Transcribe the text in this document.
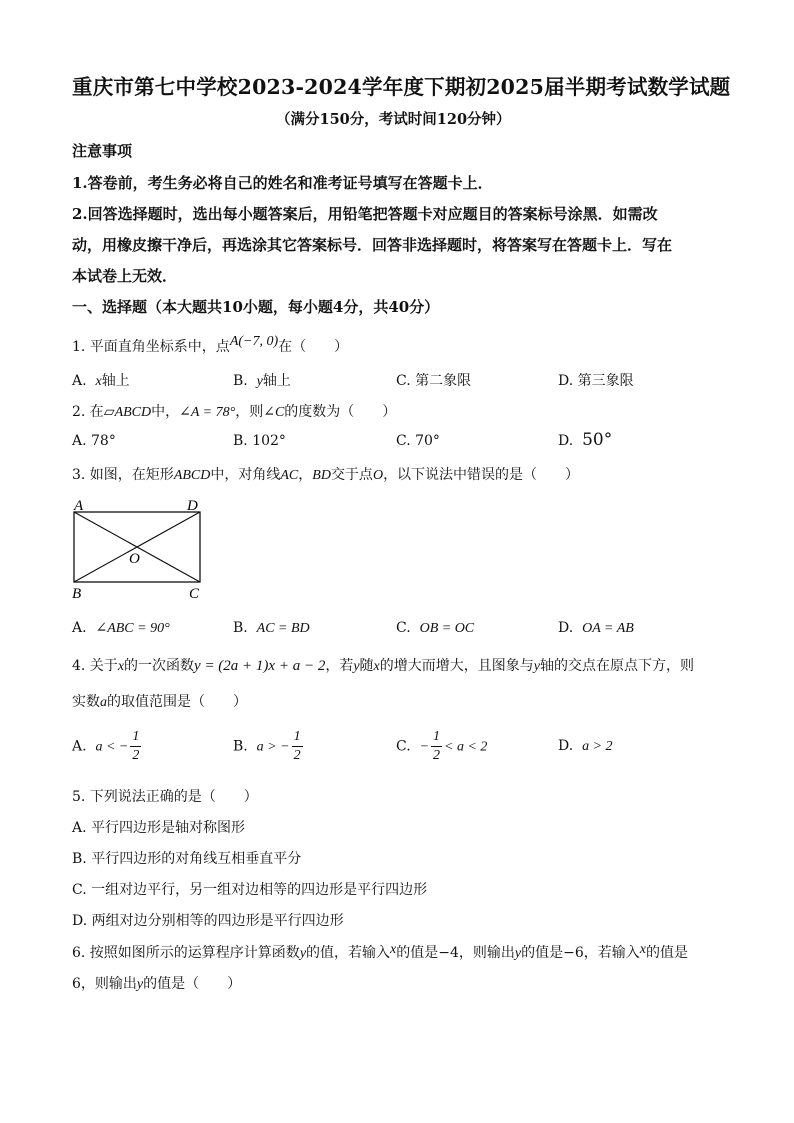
重庆市第七中学校2023-2024学年度下期初2025届半期考试数学试题
（满分150分，考试时间120分钟）
注意事项
1.答卷前，考生务必将自己的姓名和准考证号填写在答题卡上．
2.回答选择题时，选出每小题答案后，用铅笔把答题卡对应题目的答案标号涂黑．如需改
动，用橡皮擦干净后，再选涂其它答案标号．回答非选择题时，将答案写在答题卡上．写在
本试卷上无效．
一、选择题（本大题共10小题，每小题4分，共40分）
1. 平面直角坐标系中，点A(−7, 0)在（　　）
A. x轴上	B. y轴上	C. 第二象限	D. 第三象限
2. 在▱ABCD中，∠A = 78°，则∠C的度数为（　　）
A. 78°	B. 102°	C. 70°	D. 50°
3. 如图，在矩形ABCD中，对角线AC，BD交于点O，以下说法中错误的是（　　）
A	D
B	C
O
A. ∠ABC = 90°	B. AC = BD	C. OB = OC	D. OA = AB
4. 关于x的一次函数y = (2a + 1)x + a − 2，若y随x的增大而增大，且图象与y轴的交点在原点下方，则
实数a的取值范围是（　　）
A. a < − $\frac{1}{2}$	B. a > − $\frac{1}{2}$	C. − $\frac{1}{2} < a < 2$	D. a > 2
5. 下列说法正确的是（　　）
A. 平行四边形是轴对称图形
B. 平行四边形的对角线互相垂直平分
C. 一组对边平行，另一组对边相等的四边形是平行四边形
D. 两组对边分别相等的四边形是平行四边形
6. 按照如图所示的运算程序计算函数y的值，若输入x的值是−4，则输出y的值是−6，若输入x的值是
6，则输出y的值是（　　）
